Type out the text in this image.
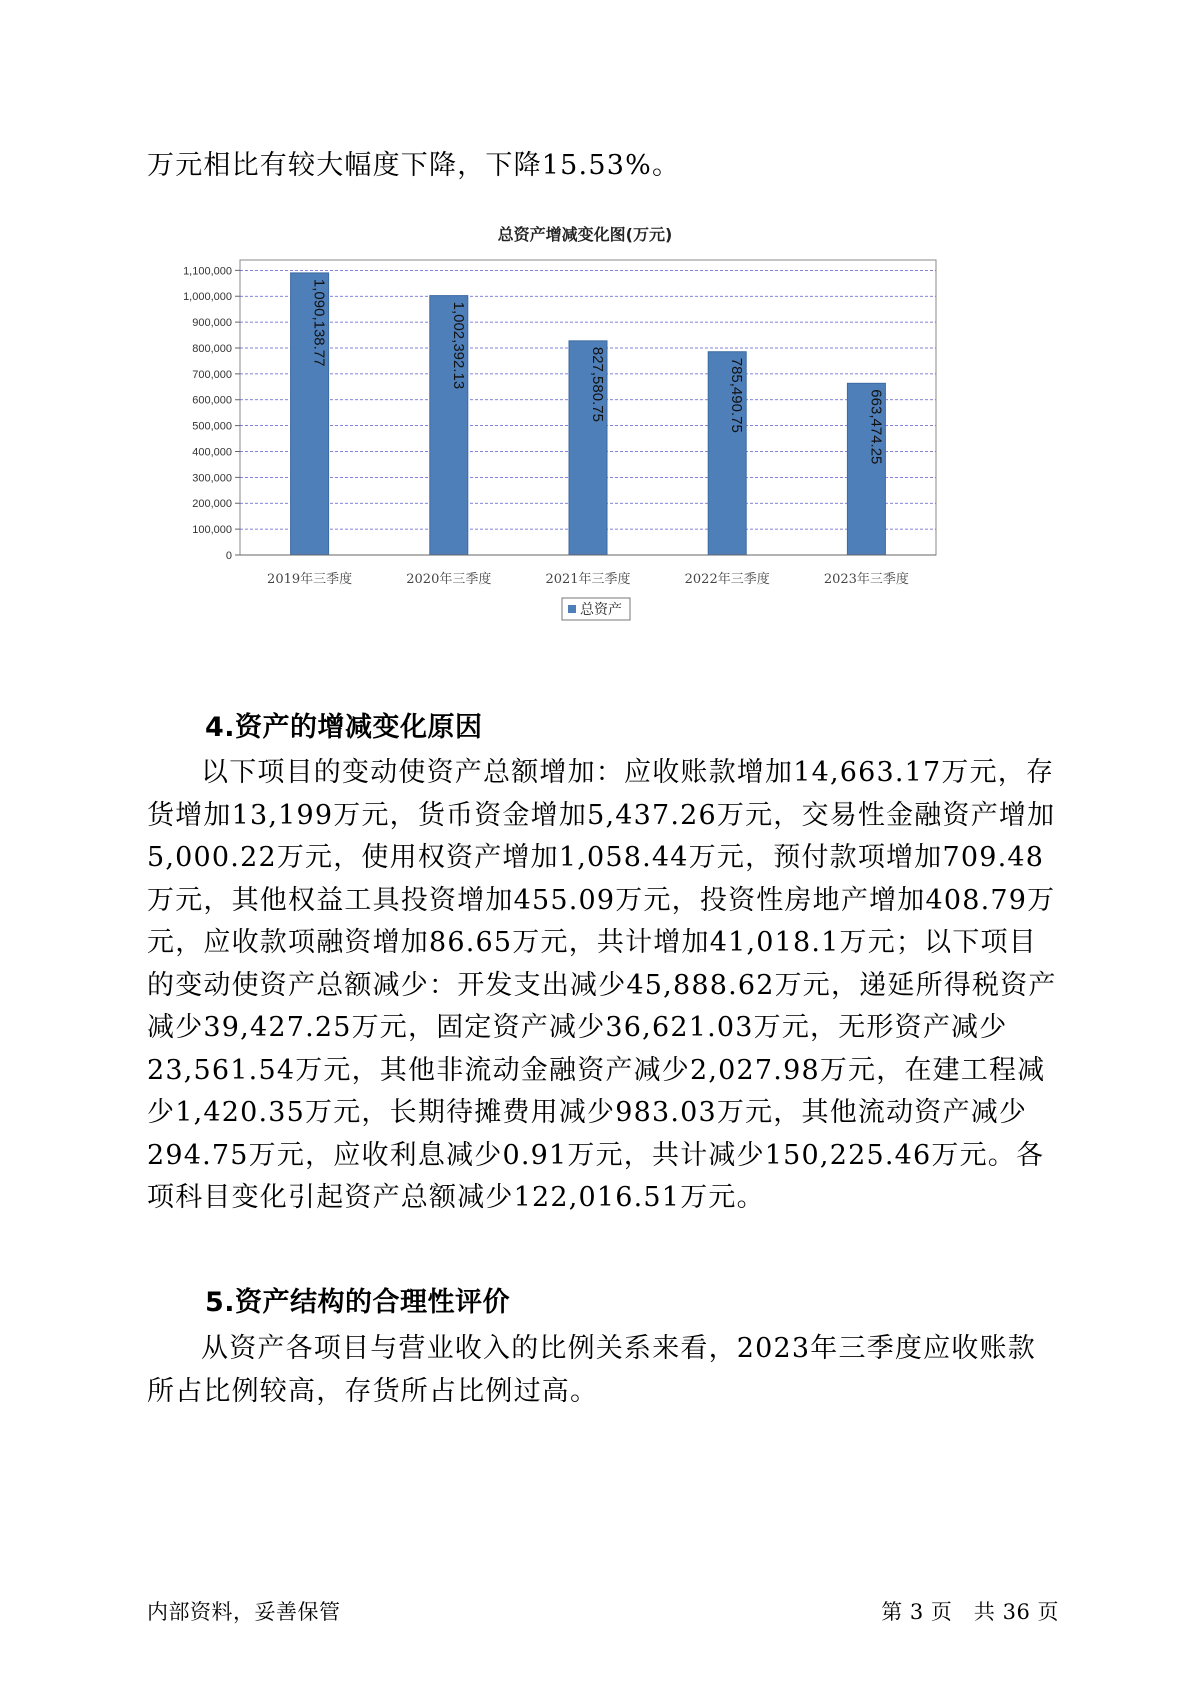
万元相比有较大幅度下降，下降15.53%。

总资产增减变化图(万元)
0
100,000
200,000
300,000
400,000
500,000
600,000
700,000
800,000
900,000
1,000,000
1,100,000
1,090,138.77
2019年三季度
1,002,392.13
2020年三季度
827,580.75
2021年三季度
785,490.75
2022年三季度
663,474.25
2023年三季度
总资产
4.资产的增减变化原因

以下项目的变动使资产总额增加：应收账款增加14,663.17万元，存货增加13,199万元，货币资金增加5,437.26万元，交易性金融资产增加5,000.22万元，使用权资产增加1,058.44万元，预付款项增加709.48万元，其他权益工具投资增加455.09万元，投资性房地产增加408.79万元，应收款项融资增加86.65万元，共计增加41,018.1万元；以下项目的变动使资产总额减少：开发支出减少45,888.62万元，递延所得税资产减少39,427.25万元，固定资产减少36,621.03万元，无形资产减少23,561.54万元，其他非流动金融资产减少2,027.98万元，在建工程减少1,420.35万元，长期待摊费用减少983.03万元，其他流动资产减少294.75万元，应收利息减少0.91万元，共计减少150,225.46万元。各项科目变化引起资产总额减少122,016.51万元。

5.资产结构的合理性评价

从资产各项目与营业收入的比例关系来看，2023年三季度应收账款所占比例较高，存货所占比例过高。

内部资料，妥善保管	第 3 页　共 36 页
